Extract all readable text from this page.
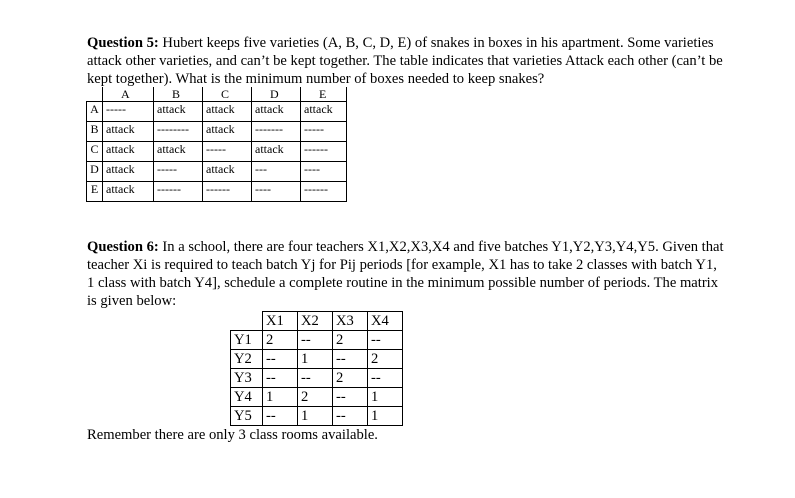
Question 5: Hubert keeps five varieties (A, B, C, D, E) of snakes in boxes in his apartment. Some varieties attack other varieties, and can’t be kept together. The table indicates that varieties Attack each other (can’t be kept together). What is the minimum number of boxes needed to keep snakes?

	A	B	C	D	E
A	-----	attack	attack	attack	attack
B	attack	--------	attack	-------	-----
C	attack	attack	-----	attack	------
D	attack	-----	attack	---	----
E	attack	------	------	----	------

Question 6: In a school, there are four teachers X1,X2,X3,X4 and five batches Y1,Y2,Y3,Y4,Y5. Given that teacher Xi is required to teach batch Yj for Pij periods [for example, X1 has to take 2 classes with batch Y1, 1 class with batch Y4], schedule a complete routine in the minimum possible number of periods. The matrix is given below:

	X1	X2	X3	X4
Y1	2	--	2	--
Y2	--	1	--	2
Y3	--	--	2	--
Y4	1	2	--	1
Y5	--	1	--	1

Remember there are only 3 class rooms available.
